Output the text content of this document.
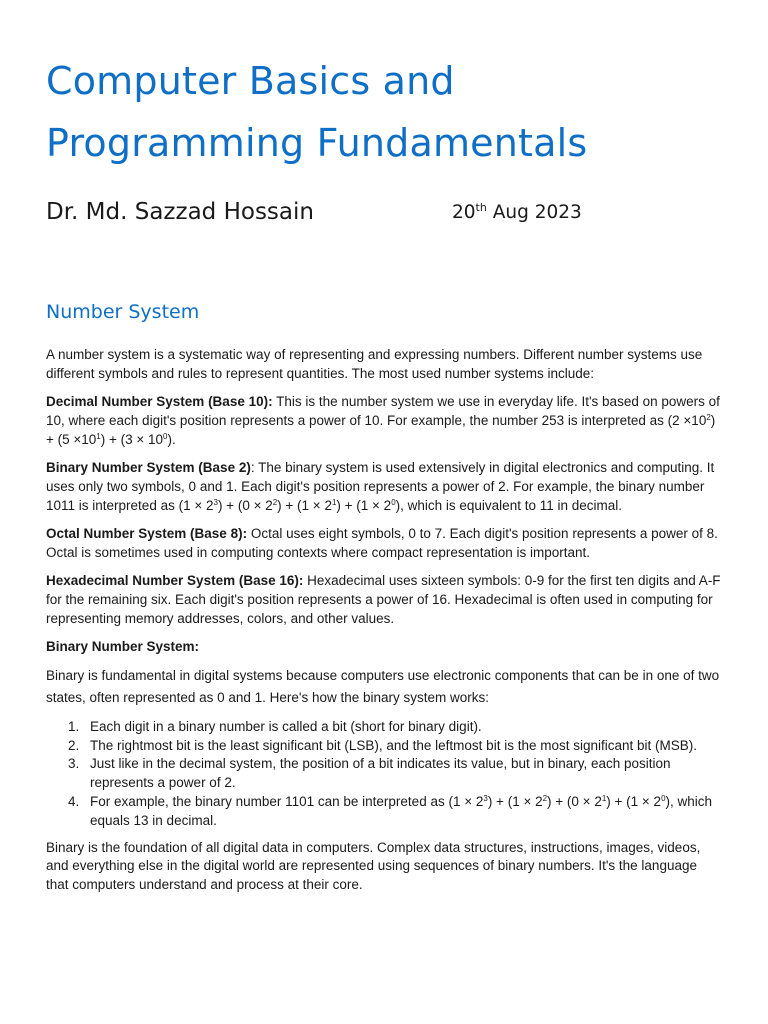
Computer Basics and
Programming Fundamentals
Dr. Md. Sazzad Hossain	20th Aug 2023
Number System

A number system is a systematic way of representing and expressing numbers. Different number systems use different symbols and rules to represent quantities. The most used number systems include:

Decimal Number System (Base 10): This is the number system we use in everyday life. It's based on powers of 10, where each digit's position represents a power of 10. For example, the number 253 is interpreted as $(2 \times 10^2) + (5 \times 10^1) + (3 \times 10^0)$.

Binary Number System (Base 2): The binary system is used extensively in digital electronics and computing. It uses only two symbols, 0 and 1. Each digit's position represents a power of 2. For example, the binary number 1011 is interpreted as $(1 \times 2^3) + (0 \times 2^2) + (1 \times 2^1) + (1 \times 2^0)$, which is equivalent to 11 in decimal.

Octal Number System (Base 8): Octal uses eight symbols, 0 to 7. Each digit's position represents a power of 8. Octal is sometimes used in computing contexts where compact representation is important.

Hexadecimal Number System (Base 16): Hexadecimal uses sixteen symbols: 0-9 for the first ten digits and A-F for the remaining six. Each digit's position represents a power of 16. Hexadecimal is often used in computing for representing memory addresses, colors, and other values.

Binary Number System:

Binary is fundamental in digital systems because computers use electronic components that can be in one of two states, often represented as 0 and 1. Here's how the binary system works:

1. Each digit in a binary number is called a bit (short for binary digit).
2. The rightmost bit is the least significant bit (LSB), and the leftmost bit is the most significant bit (MSB).
3. Just like in the decimal system, the position of a bit indicates its value, but in binary, each position represents a power of 2.
4. For example, the binary number 1101 can be interpreted as $(1 \times 2^3) + (1 \times 2^2) + (0 \times 2^1) + (1 \times 2^0)$, which equals 13 in decimal.

Binary is the foundation of all digital data in computers. Complex data structures, instructions, images, videos, and everything else in the digital world are represented using sequences of binary numbers. It's the language that computers understand and process at their core.
